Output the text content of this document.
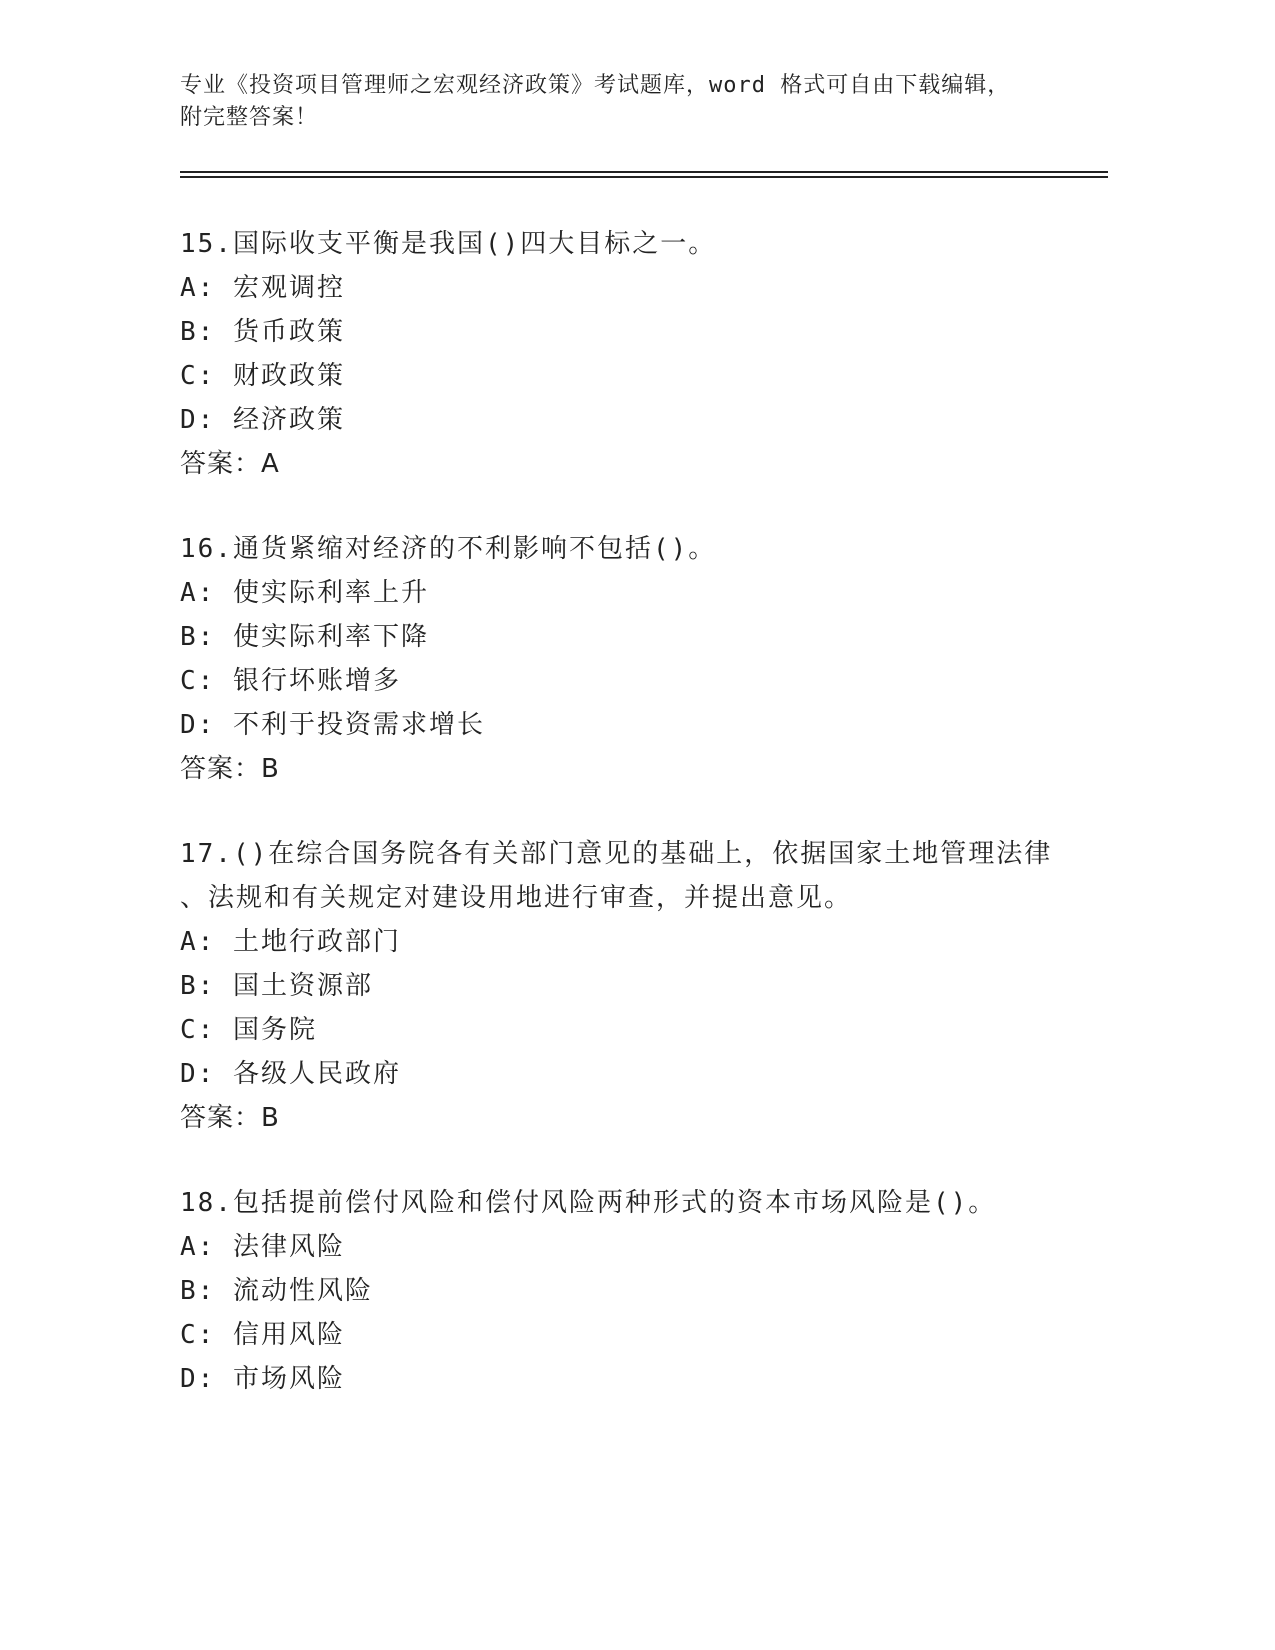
专业《投资项目管理师之宏观经济政策》考试题库，word 格式可自由下载编辑，
附完整答案！
15.国际收支平衡是我国()四大目标之一。
A: 宏观调控
B: 货币政策
C: 财政政策
D: 经济政策
答案：A
16.通货紧缩对经济的不利影响不包括()。
A: 使实际利率上升
B: 使实际利率下降
C: 银行坏账增多
D: 不利于投资需求增长
答案：B
17.()在综合国务院各有关部门意见的基础上，依据国家土地管理法律
、法规和有关规定对建设用地进行审查，并提出意见。
A: 土地行政部门
B: 国土资源部
C: 国务院
D: 各级人民政府
答案：B
18.包括提前偿付风险和偿付风险两种形式的资本市场风险是()。
A: 法律风险
B: 流动性风险
C: 信用风险
D: 市场风险
